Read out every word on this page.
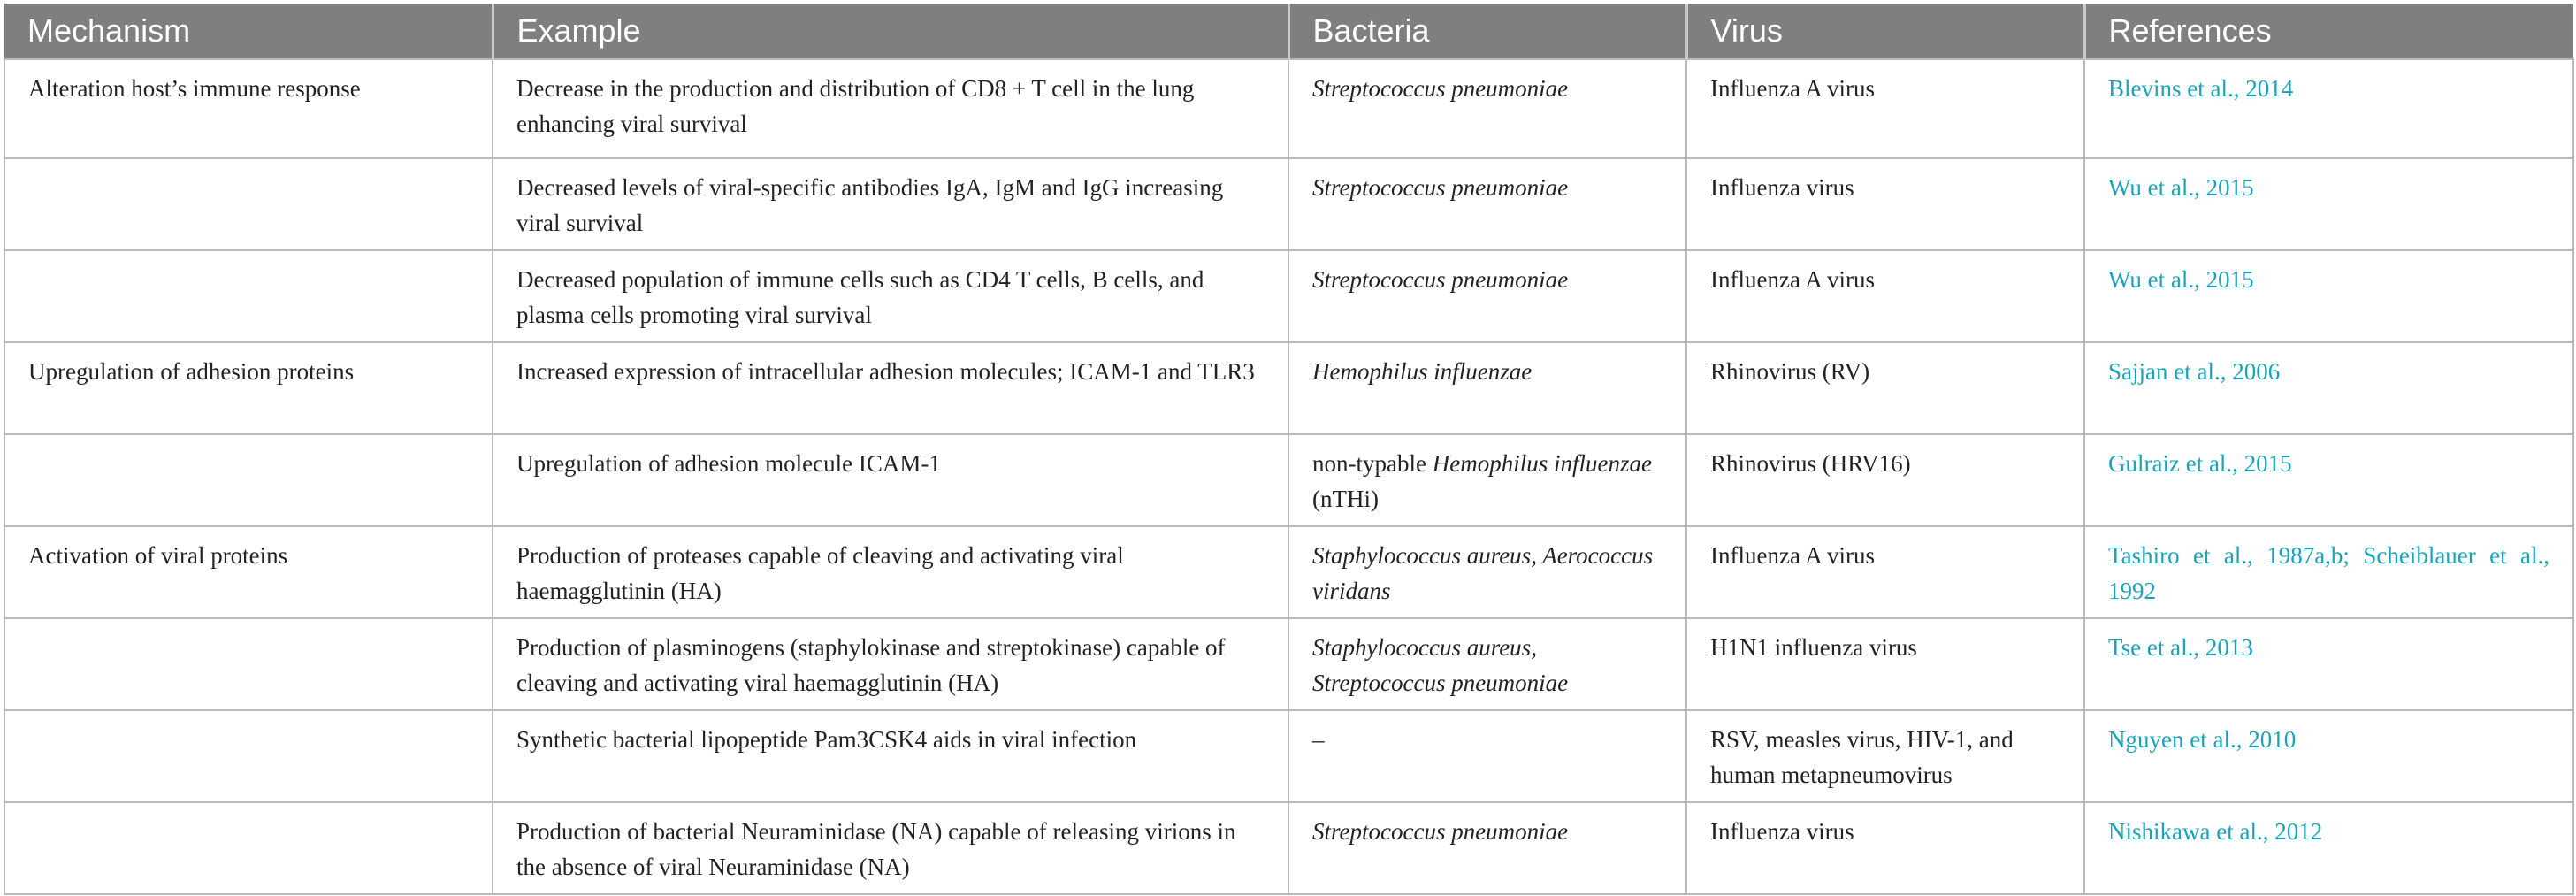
Mechanism	Example	Bacteria	Virus	References
Alteration host’s immune response	Decrease in the production and distribution of CD8 + T cell in the lung enhancing viral survival	Streptococcus pneumoniae	Influenza A virus	Blevins et al., 2014
	Decreased levels of viral-specific antibodies IgA, IgM and IgG increasing viral survival	Streptococcus pneumoniae	Influenza virus	Wu et al., 2015
	Decreased population of immune cells such as CD4 T cells, B cells, and plasma cells promoting viral survival	Streptococcus pneumoniae	Influenza A virus	Wu et al., 2015
Upregulation of adhesion proteins	Increased expression of intracellular adhesion molecules; ICAM-1 and TLR3	Hemophilus influenzae	Rhinovirus (RV)	Sajjan et al., 2006
	Upregulation of adhesion molecule ICAM-1	non-typable Hemophilus influenzae (nTHi)	Rhinovirus (HRV16)	Gulraiz et al., 2015
Activation of viral proteins	Production of proteases capable of cleaving and activating viral haemagglutinin (HA)	Staphylococcus aureus, Aerococcus viridans	Influenza A virus	Tashiro et al., 1987a,b; Scheiblauer et al., 1992
	Production of plasminogens (staphylokinase and streptokinase) capable of cleaving and activating viral haemagglutinin (HA)	Staphylococcus aureus, Streptococcus pneumoniae	H1N1 influenza virus	Tse et al., 2013
	Synthetic bacterial lipopeptide Pam3CSK4 aids in viral infection	–	RSV, measles virus, HIV-1, and human metapneumovirus	Nguyen et al., 2010
	Production of bacterial Neuraminidase (NA) capable of releasing virions in the absence of viral Neuraminidase (NA)	Streptococcus pneumoniae	Influenza virus	Nishikawa et al., 2012
